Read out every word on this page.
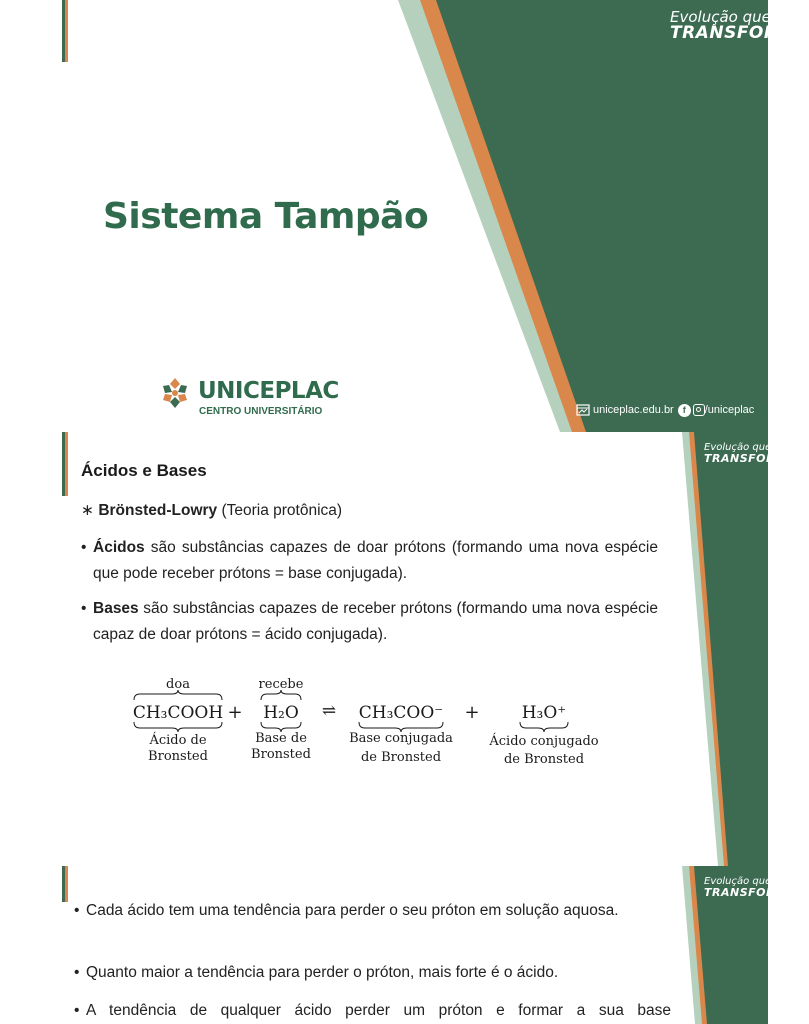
Evolução que
TRANSFORMA
Sistema Tampão
UNICEPLAC
CENTRO UNIVERSITÁRIO	uniceplac.edu.br	f	/uniceplac
Evolução que
TRANSFORMA
Ácidos e Bases
∗ Brönsted-Lowry (Teoria protônica)
• Ácidos são substâncias capazes de doar prótons (formando uma nova espécie que pode receber prótons = base conjugada).
• Bases são substâncias capazes de receber prótons (formando uma nova espécie capaz de doar prótons = ácido conjugada).
doa	recebe
CH₃COOH + H₂O ⇌ CH₃COO⁻ + H₃O⁺
Ácido de
Bronsted
Base de
Bronsted
Base conjugada
de Bronsted
Ácido conjugado
de Bronsted
Evolução que
TRANSFORMA
• Cada ácido tem uma tendência para perder o seu próton em solução aquosa.
• Quanto maior a tendência para perder o próton, mais forte é o ácido.
• A tendência de qualquer ácido perder um próton e formar a sua base
